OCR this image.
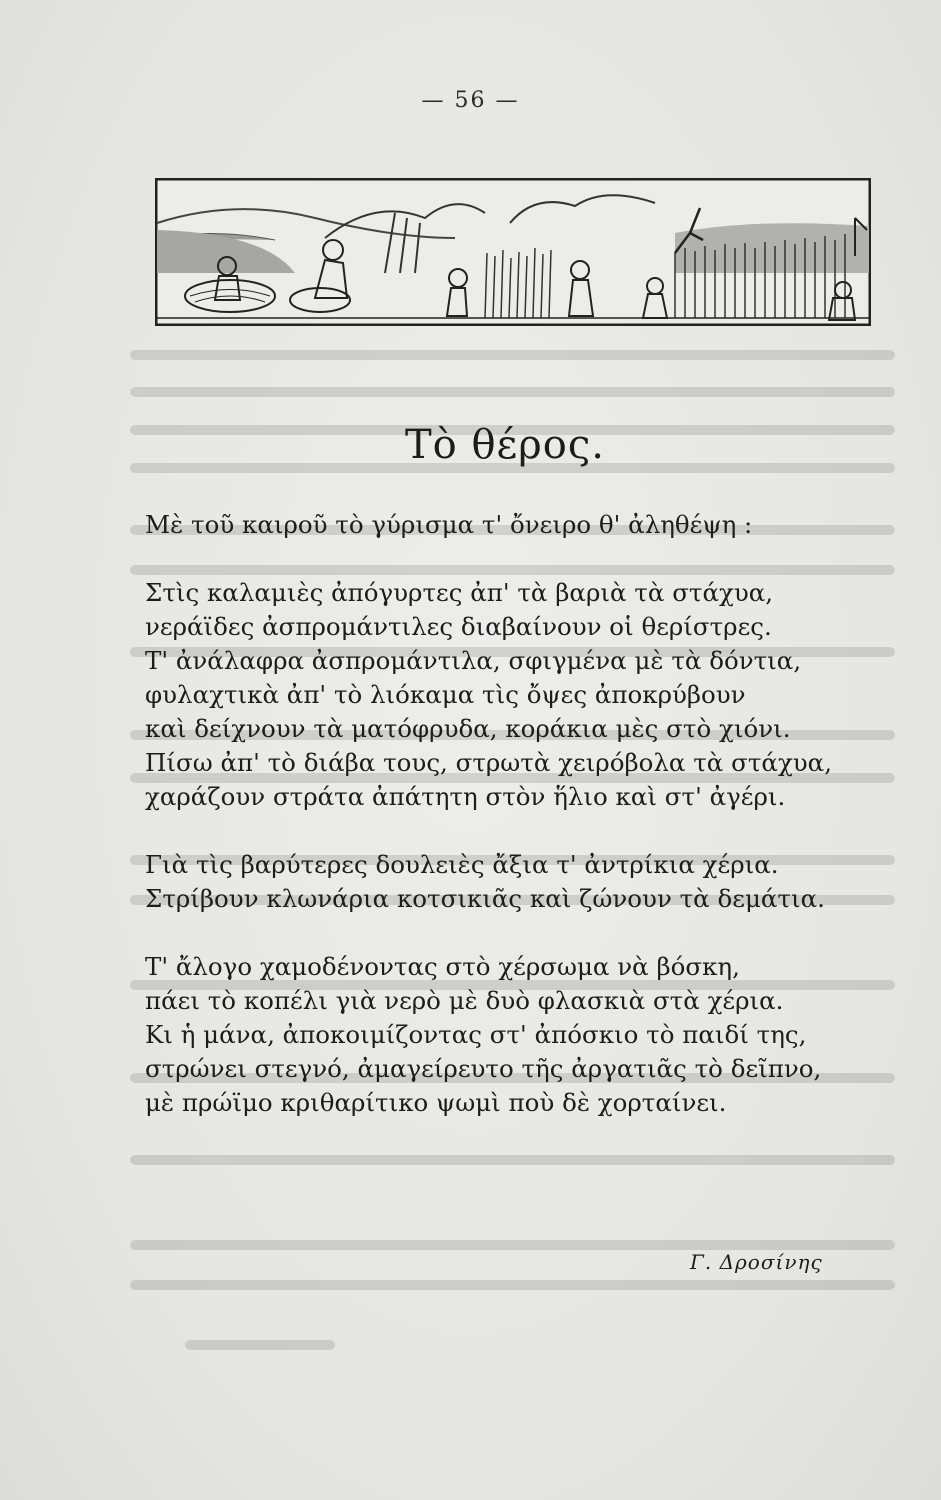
— 56 —
Τὸ θέρος.
Μὲ τοῦ καιροῦ τὸ γύρισμα τ' ὄνειρο θ' ἀληθέψη :
Στὶς καλαμιὲς ἀπόγυρτες ἀπ' τὰ βαριὰ τὰ στάχυα,
νεράϊδες ἀσπρομάντιλες διαβαίνουν οἱ θερίστρες.
Τ' ἀνάλαφρα ἀσπρομάντιλα, σφιγμένα μὲ τὰ δόντια,
φυλαχτικὰ ἀπ' τὸ λιόκαμα τὶς ὄψες ἀποκρύβουν
καὶ δείχνουν τὰ ματόφρυδα, κοράκια μὲς στὸ χιόνι.
Πίσω ἀπ' τὸ διάβα τους, στρωτὰ χειρόβολα τὰ στάχυα,
χαράζουν στράτα ἀπάτητη στὸν ἥλιο καὶ στ' ἀγέρι.
Γιὰ τὶς βαρύτερες δουλειὲς ἄξια τ' ἀντρίκια χέρια.
Στρίβουν κλωνάρια κοτσικιᾶς καὶ ζώνουν τὰ δεμάτια.
Τ' ἄλογο χαμοδένοντας στὸ χέρσωμα νὰ βόσκη,
πάει τὸ κοπέλι γιὰ νερὸ μὲ δυὸ φλασκιὰ στὰ χέρια.
Κι ἡ μάνα, ἀποκοιμίζοντας στ' ἀπόσκιο τὸ παιδί της,
στρώνει στεγνό, ἀμαγείρευτο τῆς ἀργατιᾶς τὸ δεῖπνο,
μὲ πρώϊμο κριθαρίτικο ψωμὶ ποὺ δὲ χορταίνει.
Γ. Δροσίνης
